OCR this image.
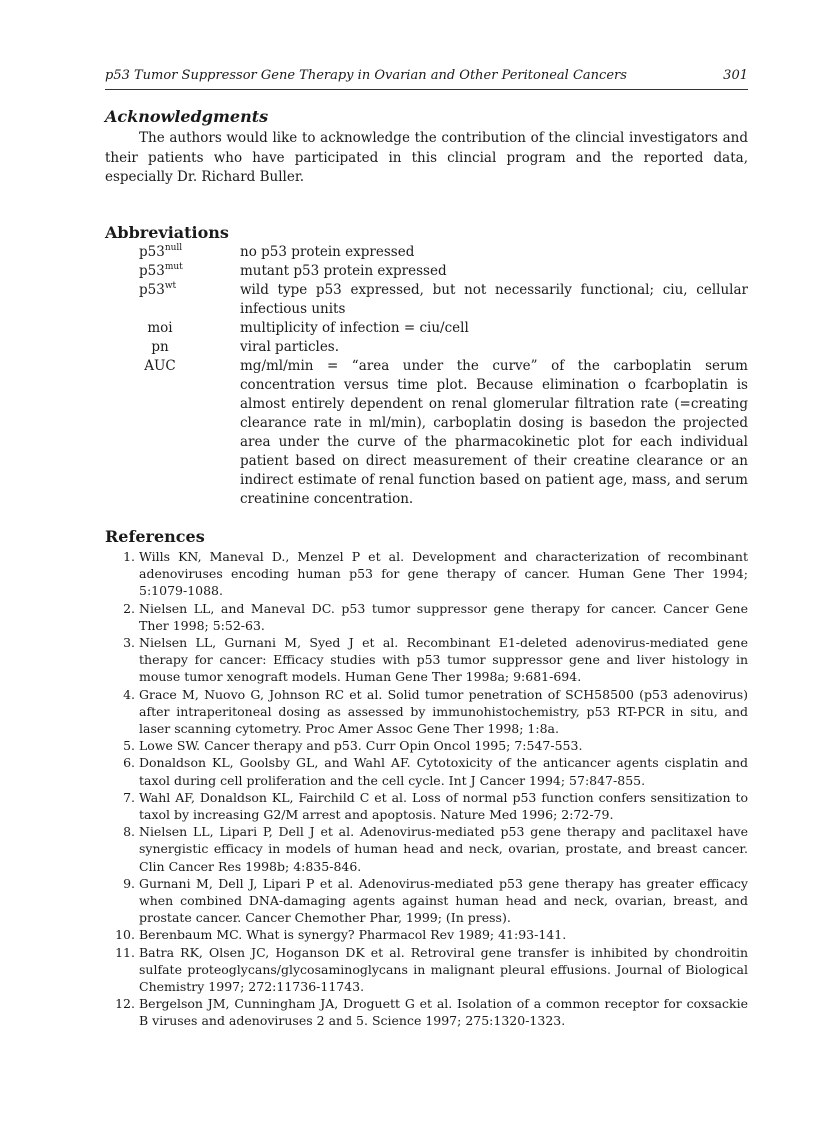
p53 Tumor Suppressor Gene Therapy in Ovarian and Other Peritoneal Cancers	301
Acknowledgments

The authors would like to acknowledge the contribution of the clincial investigators and their patients who have participated in this clincial program and the reported data, especially Dr. Richard Buller.

Abbreviations
$p53^{null}$	no p53 protein expressed
$p53^{mut}$	mutant p53 protein expressed
$p53^{wt}$	wild type p53 expressed, but not necessarily functional; ciu, cellular infectious units
moi	multiplicity of infection = ciu/cell
pn	viral particles.
AUC	mg/ml/min = “area under the curve” of the carboplatin serum concentration versus time plot. Because elimination o fcarboplatin is almost entirely dependent on renal glomerular filtration rate (=creating clearance rate in ml/min), carboplatin dosing is basedon the projected area under the curve of the pharmacokinetic plot for each individual patient based on direct measurement of their creatine clearance or an indirect estimate of renal function based on patient age, mass, and serum creatinine concentration.
References
1. Wills KN, Maneval D., Menzel P et al. Development and characterization of recombinant adenoviruses encoding human p53 for gene therapy of cancer. Human Gene Ther 1994; 5:1079-1088.
2. Nielsen LL, and Maneval DC. p53 tumor suppressor gene therapy for cancer. Cancer Gene Ther 1998; 5:52-63.
3. Nielsen LL, Gurnani M, Syed J et al. Recombinant E1-deleted adenovirus-mediated gene therapy for cancer: Efficacy studies with p53 tumor suppressor gene and liver histology in mouse tumor xenograft models. Human Gene Ther 1998a; 9:681-694.
4. Grace M, Nuovo G, Johnson RC et al. Solid tumor penetration of SCH58500 (p53 adenovirus) after intraperitoneal dosing as assessed by immunohistochemistry, p53 RT-PCR in situ, and laser scanning cytometry. Proc Amer Assoc Gene Ther 1998; 1:8a.
5. Lowe SW. Cancer therapy and p53. Curr Opin Oncol 1995; 7:547-553.
6. Donaldson KL, Goolsby GL, and Wahl AF. Cytotoxicity of the anticancer agents cisplatin and taxol during cell proliferation and the cell cycle. Int J Cancer 1994; 57:847-855.
7. Wahl AF, Donaldson KL, Fairchild C et al. Loss of normal p53 function confers sensitization to taxol by increasing G2/M arrest and apoptosis. Nature Med 1996; 2:72-79.
8. Nielsen LL, Lipari P, Dell J et al. Adenovirus-mediated p53 gene therapy and paclitaxel have synergistic efficacy in models of human head and neck, ovarian, prostate, and breast cancer. Clin Cancer Res 1998b; 4:835-846.
9. Gurnani M, Dell J, Lipari P et al. Adenovirus-mediated p53 gene therapy has greater efficacy when combined DNA-damaging agents against human head and neck, ovarian, breast, and prostate cancer. Cancer Chemother Phar, 1999; (In press).
10. Berenbaum MC. What is synergy? Pharmacol Rev 1989; 41:93-141.
11. Batra RK, Olsen JC, Hoganson DK et al. Retroviral gene transfer is inhibited by chondroitin sulfate proteoglycans/glycosaminoglycans in malignant pleural effusions. Journal of Biological Chemistry 1997; 272:11736-11743.
12. Bergelson JM, Cunningham JA, Droguett G et al. Isolation of a common receptor for coxsackie B viruses and adenoviruses 2 and 5. Science 1997; 275:1320-1323.
